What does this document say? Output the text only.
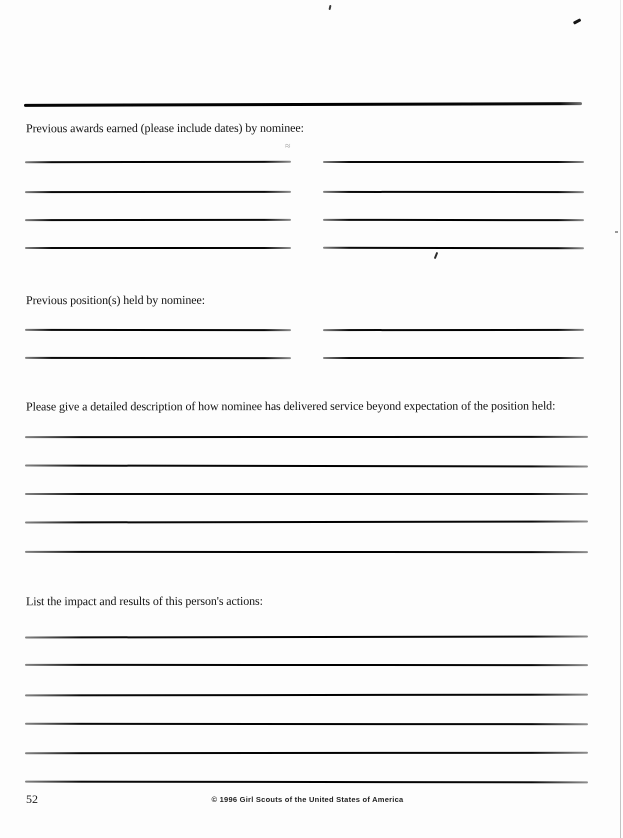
Previous awards earned (please include dates) by nominee:
Previous position(s) held by nominee:
Please give a detailed description of how nominee has delivered service beyond expectation of the position held:
List the impact and results of this person's actions:
52	© 1996 Girl Scouts of the United States of America
≈
